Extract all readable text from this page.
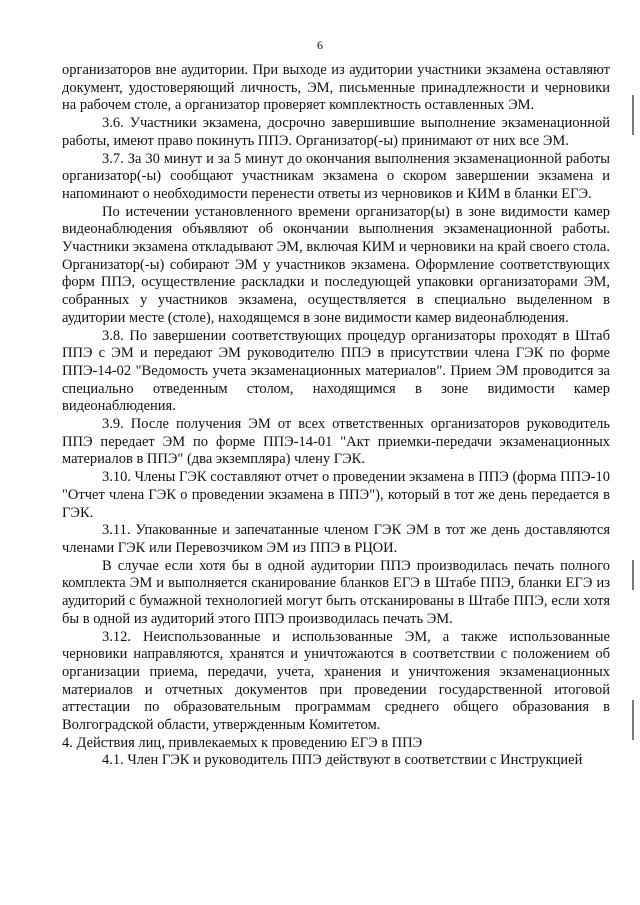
6

организаторов вне аудитории. При выходе из аудитории участники экзамена оставляют документ, удостоверяющий личность, ЭМ, письменные принадлежности и черновики на рабочем столе, а организатор проверяет комплектность оставленных ЭМ.

3.6. Участники экзамена, досрочно завершившие выполнение экзаменационной работы, имеют право покинуть ППЭ. Организатор(-ы) принимают от них все ЭМ.

3.7. За 30 минут и за 5 минут до окончания выполнения экзаменационной работы организатор(-ы) сообщают участникам экзамена о скором завершении экзамена и напоминают о необходимости перенести ответы из черновиков и КИМ в бланки ЕГЭ.

По истечении установленного времени организатор(ы) в зоне видимости камер видеонаблюдения объявляют об окончании выполнения экзаменационной работы. Участники экзамена откладывают ЭМ, включая КИМ и черновики на край своего стола. Организатор(-ы) собирают ЭМ у участников экзамена. Оформление соответствующих форм ППЭ, осуществление раскладки и последующей упаковки организаторами ЭМ, собранных у участников экзамена, осуществляется в специально выделенном в аудитории месте (столе), находящемся в зоне видимости камер видеонаблюдения.

3.8. По завершении соответствующих процедур организаторы проходят в Штаб ППЭ с ЭМ и передают ЭМ руководителю ППЭ в присутствии члена ГЭК по форме ППЭ-14-02 "Ведомость учета экзаменационных материалов". Прием ЭМ проводится за специально отведенным столом, находящимся в зоне видимости камер видеонаблюдения.

3.9. После получения ЭМ от всех ответственных организаторов руководитель ППЭ передает ЭМ по форме ППЭ-14-01 "Акт приемки-передачи экзаменационных материалов в ППЭ" (два экземпляра) члену ГЭК.

3.10. Члены ГЭК составляют отчет о проведении экзамена в ППЭ (форма ППЭ-10 "Отчет члена ГЭК о проведении экзамена в ППЭ"), который в тот же день передается в ГЭК.

3.11. Упакованные и запечатанные членом ГЭК ЭМ в тот же день доставляются членами ГЭК или Перевозчиком ЭМ из ППЭ в РЦОИ.

В случае если хотя бы в одной аудитории ППЭ производилась печать полного комплекта ЭМ и выполняется сканирование бланков ЕГЭ в Штабе ППЭ, бланки ЕГЭ из аудиторий с бумажной технологией могут быть отсканированы в Штабе ППЭ, если хотя бы в одной из аудиторий этого ППЭ производилась печать ЭМ.

3.12. Неиспользованные и использованные ЭМ, а также использованные черновики направляются, хранятся и уничтожаются в соответствии с положением об организации приема, передачи, учета, хранения и уничтожения экзаменационных материалов и отчетных документов при проведении государственной итоговой аттестации по образовательным программам среднего общего образования в Волгоградской области, утвержденным Комитетом.

4. Действия лиц, привлекаемых к проведению ЕГЭ в ППЭ

4.1. Член ГЭК и руководитель ППЭ действуют в соответствии с Инструкцией
